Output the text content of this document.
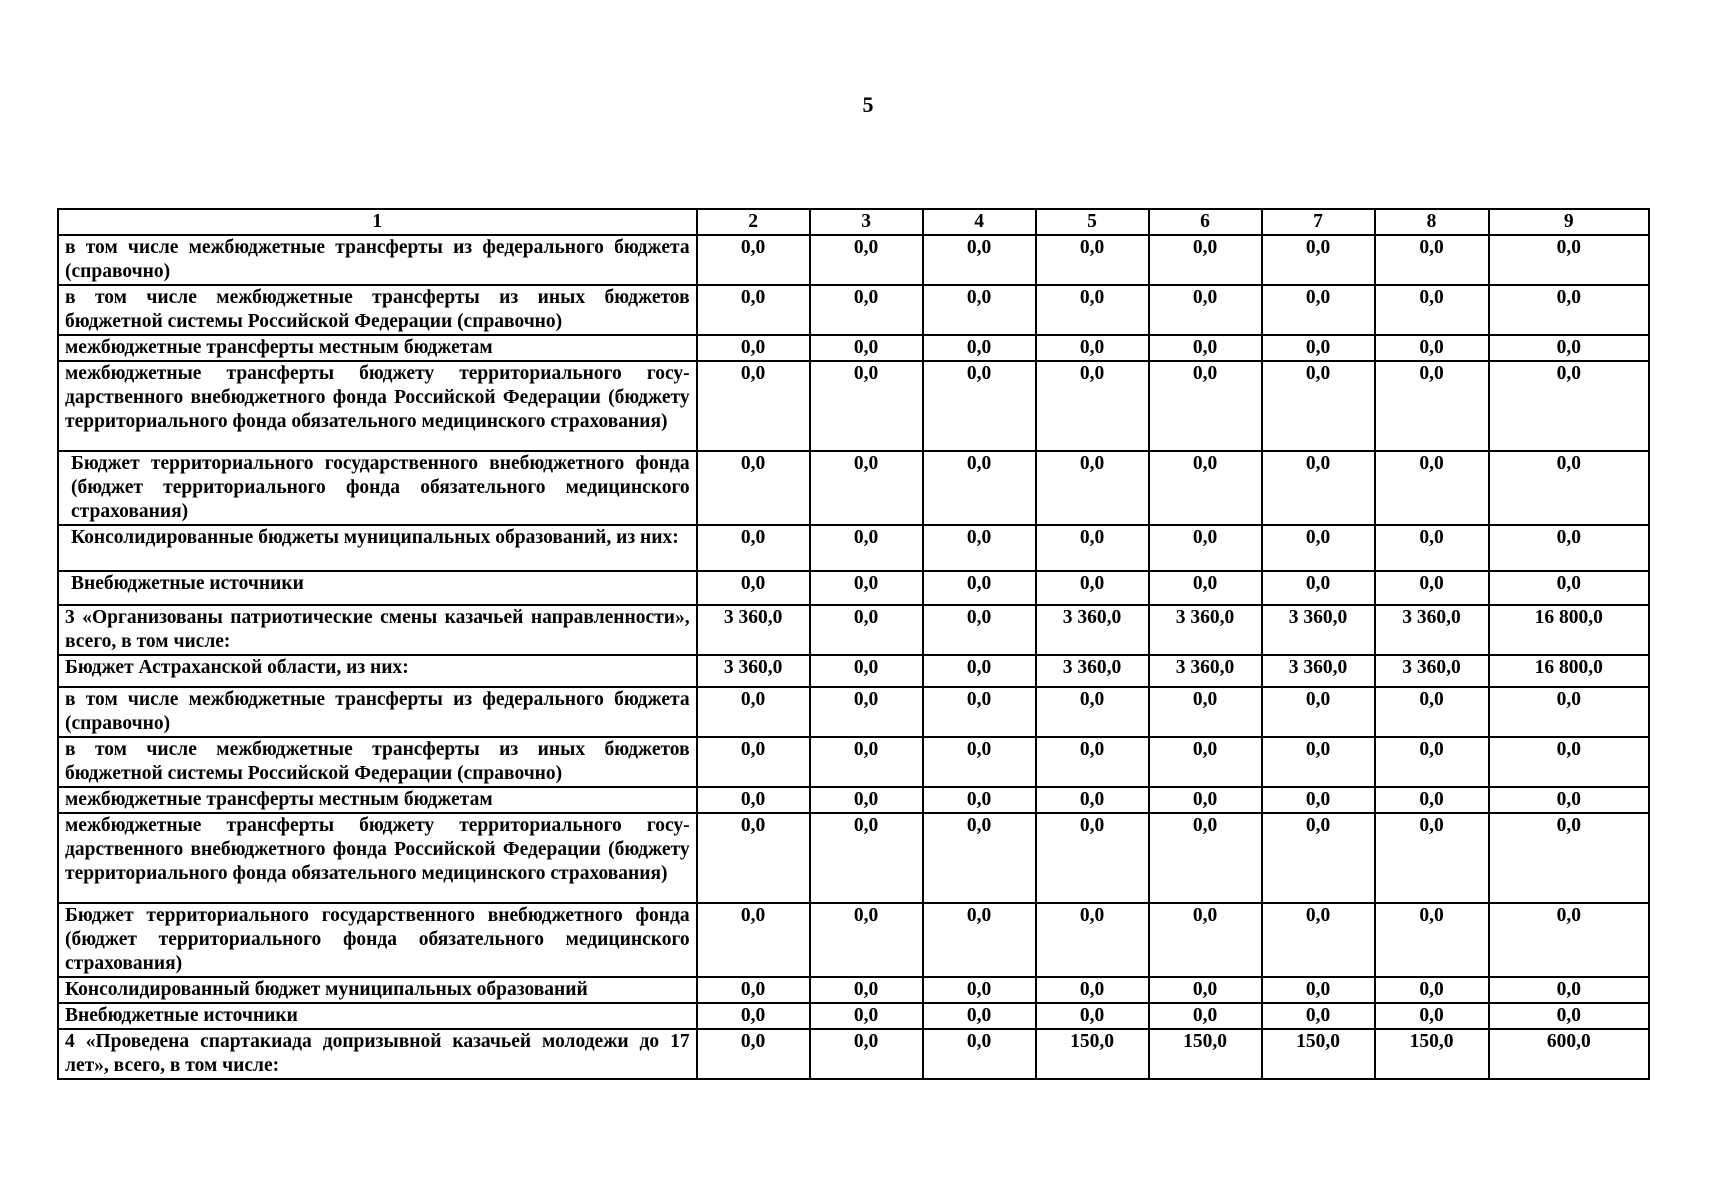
5
1	2	3	4	5	6	7	8	9
в том числе межбюджетные трансферты из федерального бюджета (справочно)	0,0	0,0	0,0	0,0	0,0	0,0	0,0	0,0
в том числе межбюджетные трансферты из иных бюджетов бюджетной системы Российской Федерации (справочно)	0,0	0,0	0,0	0,0	0,0	0,0	0,0	0,0
межбюджетные трансферты местным бюджетам	0,0	0,0	0,0	0,0	0,0	0,0	0,0	0,0
межбюджетные трансферты бюджету территориального государственного внебюджетного фонда Российской Федерации (бюджету территориального фонда обязательного медицинского страхования)	0,0	0,0	0,0	0,0	0,0	0,0	0,0	0,0
Бюджет территориального государственного внебюджетного фонда (бюджет территориального фонда обязательного медицинского страхования)	0,0	0,0	0,0	0,0	0,0	0,0	0,0	0,0
Консолидированные бюджеты муниципальных образований, из них:	0,0	0,0	0,0	0,0	0,0	0,0	0,0	0,0
Внебюджетные источники	0,0	0,0	0,0	0,0	0,0	0,0	0,0	0,0
3 «Организованы патриотические смены казачьей направленности», всего, в том числе:	3 360,0	0,0	0,0	3 360,0	3 360,0	3 360,0	3 360,0	16 800,0
Бюджет Астраханской области, из них:	3 360,0	0,0	0,0	3 360,0	3 360,0	3 360,0	3 360,0	16 800,0
в том числе межбюджетные трансферты из федерального бюджета (справочно)	0,0	0,0	0,0	0,0	0,0	0,0	0,0	0,0
в том числе межбюджетные трансферты из иных бюджетов бюджетной системы Российской Федерации (справочно)	0,0	0,0	0,0	0,0	0,0	0,0	0,0	0,0
межбюджетные трансферты местным бюджетам	0,0	0,0	0,0	0,0	0,0	0,0	0,0	0,0
межбюджетные трансферты бюджету территориального государственного внебюджетного фонда Российской Федерации (бюджету территориального фонда обязательного медицинского страхования)	0,0	0,0	0,0	0,0	0,0	0,0	0,0	0,0
Бюджет территориального государственного внебюджетного фонда (бюджет территориального фонда обязательного медицинского страхования)	0,0	0,0	0,0	0,0	0,0	0,0	0,0	0,0
Консолидированный бюджет муниципальных образований	0,0	0,0	0,0	0,0	0,0	0,0	0,0	0,0
Внебюджетные источники	0,0	0,0	0,0	0,0	0,0	0,0	0,0	0,0
4 «Проведена спартакиада допризывной казачьей молодежи до 17 лет», всего, в том числе:	0,0	0,0	0,0	150,0	150,0	150,0	150,0	600,0
